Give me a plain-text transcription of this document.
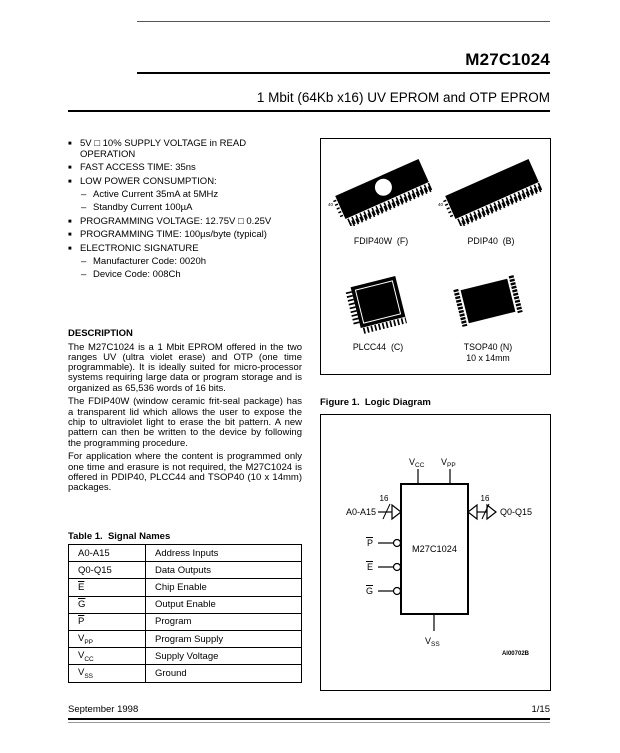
M27C1024
1 Mbit (64Kb x16) UV EPROM and OTP EPROM
■ 5V □ 10% SUPPLY VOLTAGE in READ OPERATION
■ FAST ACCESS TIME: 35ns
■ LOW POWER CONSUMPTION:
– Active Current 35mA at 5MHz
– Standby Current 100µA
■ PROGRAMMING VOLTAGE: 12.75V □ 0.25V
■ PROGRAMMING TIME: 100µs/byte (typical)
■ ELECTRONIC SIGNATURE
– Manufacturer Code: 0020h
– Device Code: 008Ch
DESCRIPTION
The M27C1024 is a 1 Mbit EPROM offered in the two ranges UV (ultra violet erase) and OTP (one time programmable). It is ideally suited for micro-processor systems requiring large data or program storage and is organized as 65,536 words of 16 bits.
The FDIP40W (window ceramic frit-seal package) has a transparent lid which allows the user to expose the chip to ultraviolet light to erase the bit pattern. A new pattern can then be written to the device by following the programming procedure.
For application where the content is programmed only one time and erasure is not required, the M27C1024 is offered in PDIP40, PLCC44 and TSOP40 (10 x 14mm) packages.
Table 1.  Signal Names
A0-A15	Address Inputs
Q0-Q15	Data Outputs
$\overline{E}$	Chip Enable
$\overline{G}$	Output Enable
$\overline{P}$	Program
$V_{PP}$	Program Supply
$V_{CC}$	Supply Voltage
$V_{SS}$	Ground
40
1
40
1
FDIP40W  (F)	PDIP40  (B)
PLCC44  (C)	TSOP40 (N)
10 x 14mm
Figure 1.  Logic Diagram
$V_{CC}$ $V_{PP}$
M27C1024
A0-A15
16	16
Q0-Q15
P
E
G
$V_{SS}$
AI00702B
September 1998	1/15
